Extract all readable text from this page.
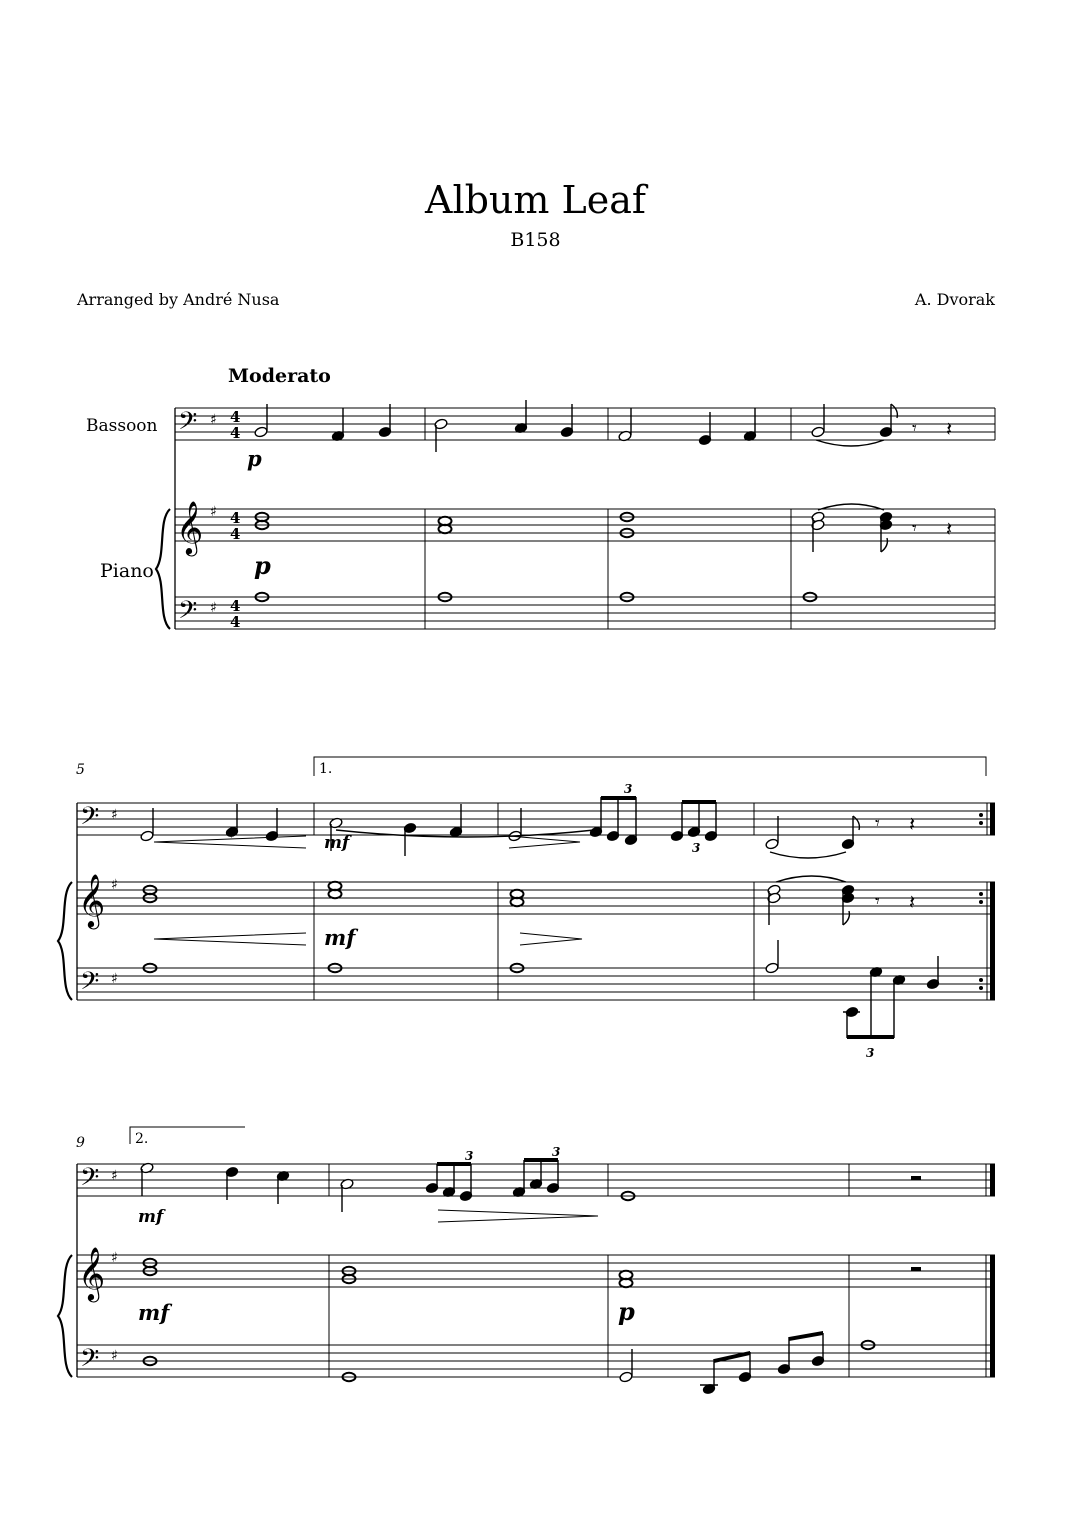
Album Leaf
B158
Arranged by André Nusa	A. Dvorak
Moderato
Bassoon
Piano
𝄢 ♯ 4
4
𝄞 ♯ 4
4
𝄢 ♯ 4
4
𝄾 𝄽
p
𝄾 𝄽
p
5	1.
𝄢 ♯
𝄞 ♯
𝄢 ♯
3
3
♯	𝄾 𝄽
mf
𝄾 𝄽
mf
3
9	2.
𝄢 ♯
𝄞 ♯
𝄢 ♯
3	3
mf
mf	p
